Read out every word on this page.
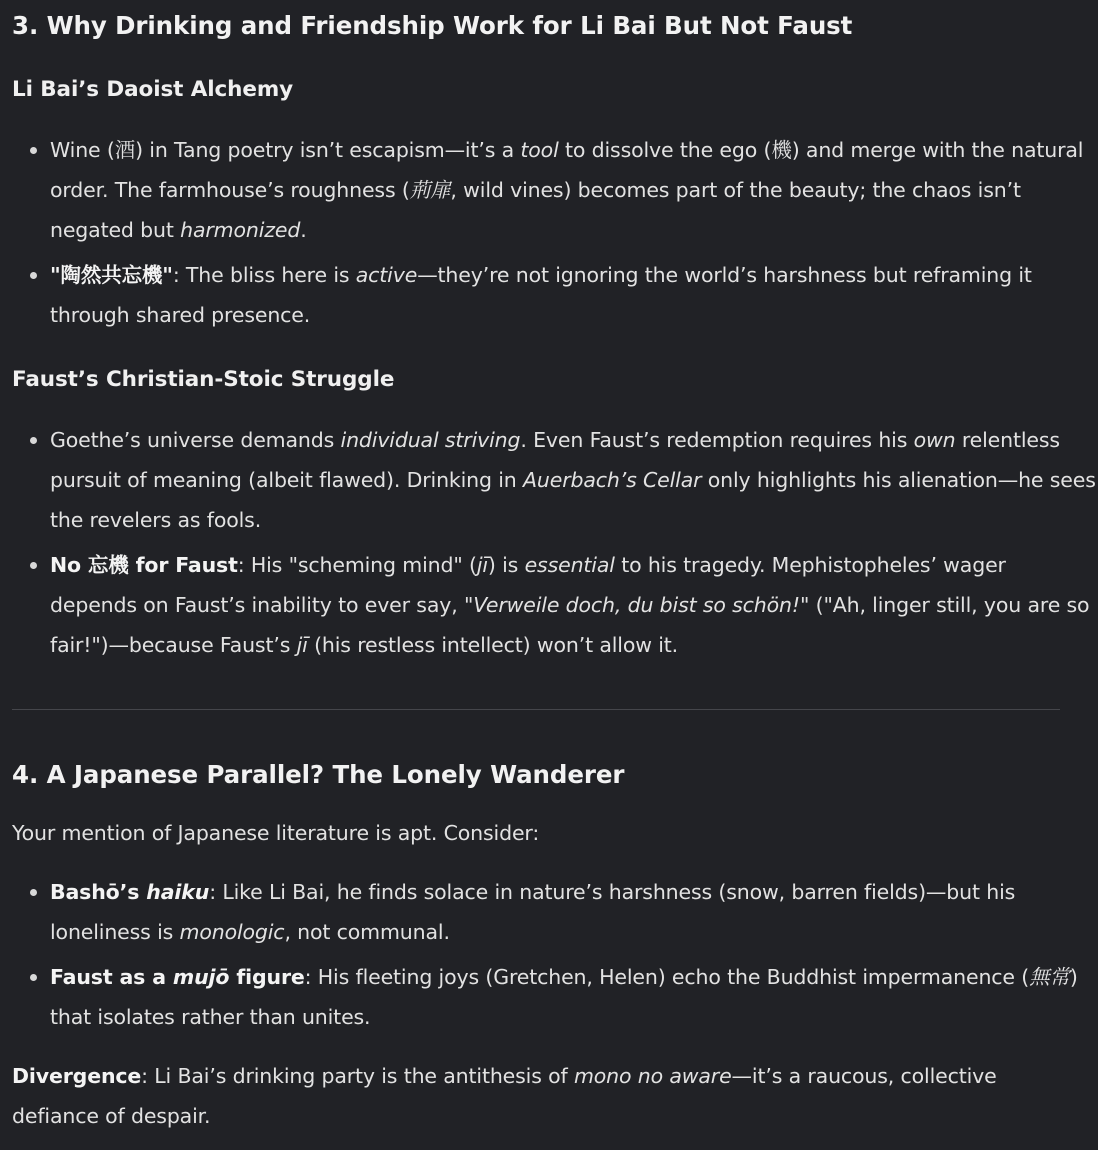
3. Why Drinking and Friendship Work for Li Bai But Not Faust
Li Bai’s Daoist Alchemy
Wine (酒) in Tang poetry isn’t escapism—it’s a tool to dissolve the ego (機) and merge with the natural order. The farmhouse’s roughness (荊扉, wild vines) becomes part of the beauty; the chaos isn’t negated but harmonized.
"陶然共忘機": The bliss here is active—they’re not ignoring the world’s harshness but reframing it through shared presence.
Faust’s Christian-Stoic Struggle
Goethe’s universe demands individual striving. Even Faust’s redemption requires his own relentless pursuit of meaning (albeit flawed). Drinking in Auerbach’s Cellar only highlights his alienation—he sees the revelers as fools.
No 忘機 for Faust: His "scheming mind" (jī) is essential to his tragedy. Mephistopheles’ wager depends on Faust’s inability to ever say, "Verweile doch, du bist so schön!" ("Ah, linger still, you are so fair!")—because Faust’s jī (his restless intellect) won’t allow it.
4. A Japanese Parallel? The Lonely Wanderer

Your mention of Japanese literature is apt. Consider:

Bashō’s haiku: Like Li Bai, he finds solace in nature’s harshness (snow, barren fields)—but his loneliness is monologic, not communal.
Faust as a mujō figure: His fleeting joys (Gretchen, Helen) echo the Buddhist impermanence (無常) that isolates rather than unites.

Divergence: Li Bai’s drinking party is the antithesis of mono no aware—it’s a raucous, collective defiance of despair.
